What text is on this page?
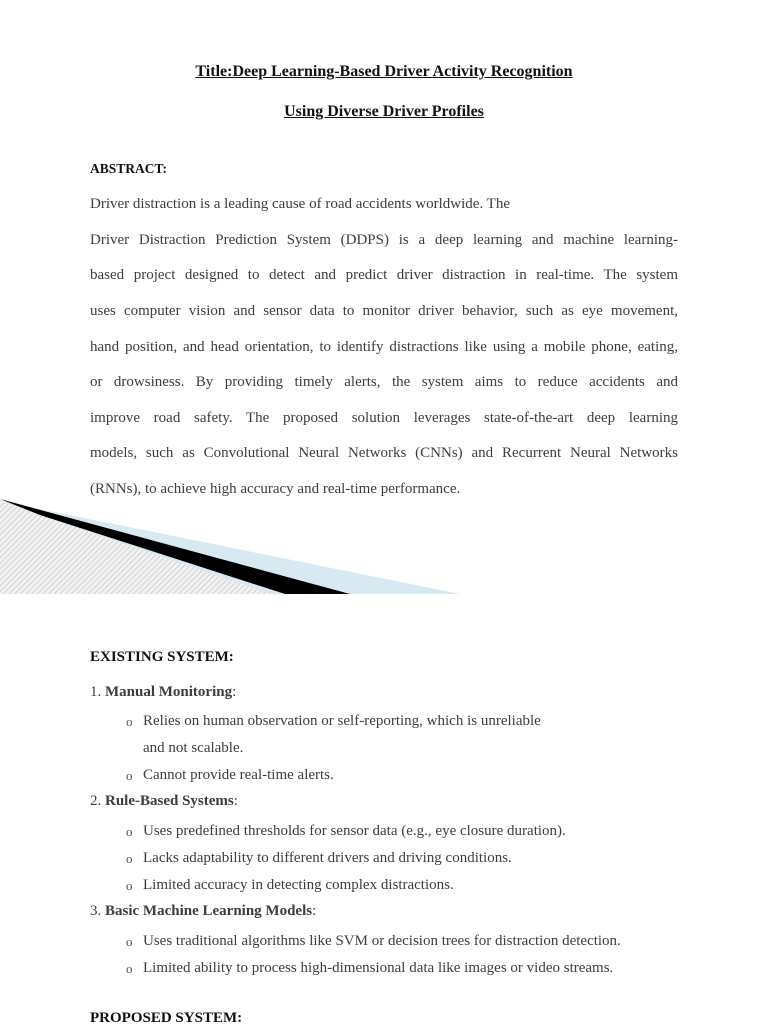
Title:Deep Learning-Based Driver Activity Recognition
Using Diverse Driver Profiles
ABSTRACT:
Driver distraction is a leading cause of road accidents worldwide. The
Driver Distraction Prediction System (DDPS) is a deep learning and machine learning-
based project designed to detect and predict driver distraction in real-time. The system
uses computer vision and sensor data to monitor driver behavior, such as eye movement,
hand position, and head orientation, to identify distractions like using a mobile phone, eating,
or drowsiness. By providing timely alerts, the system aims to reduce accidents and
improve road safety. The proposed solution leverages state-of-the-art deep learning
models, such as Convolutional Neural Networks (CNNs) and Recurrent Neural Networks
(RNNs), to achieve high accuracy and real-time performance.
EXISTING SYSTEM:
1. Manual Monitoring:
o Relies on human observation or self-reporting, which is unreliable
and not scalable.
o Cannot provide real-time alerts.
2. Rule-Based Systems:
o Uses predefined thresholds for sensor data (e.g., eye closure duration).
o Lacks adaptability to different drivers and driving conditions.
o Limited accuracy in detecting complex distractions.
3. Basic Machine Learning Models:
o Uses traditional algorithms like SVM or decision trees for distraction detection.
o Limited ability to process high-dimensional data like images or video streams.
PROPOSED SYSTEM:
